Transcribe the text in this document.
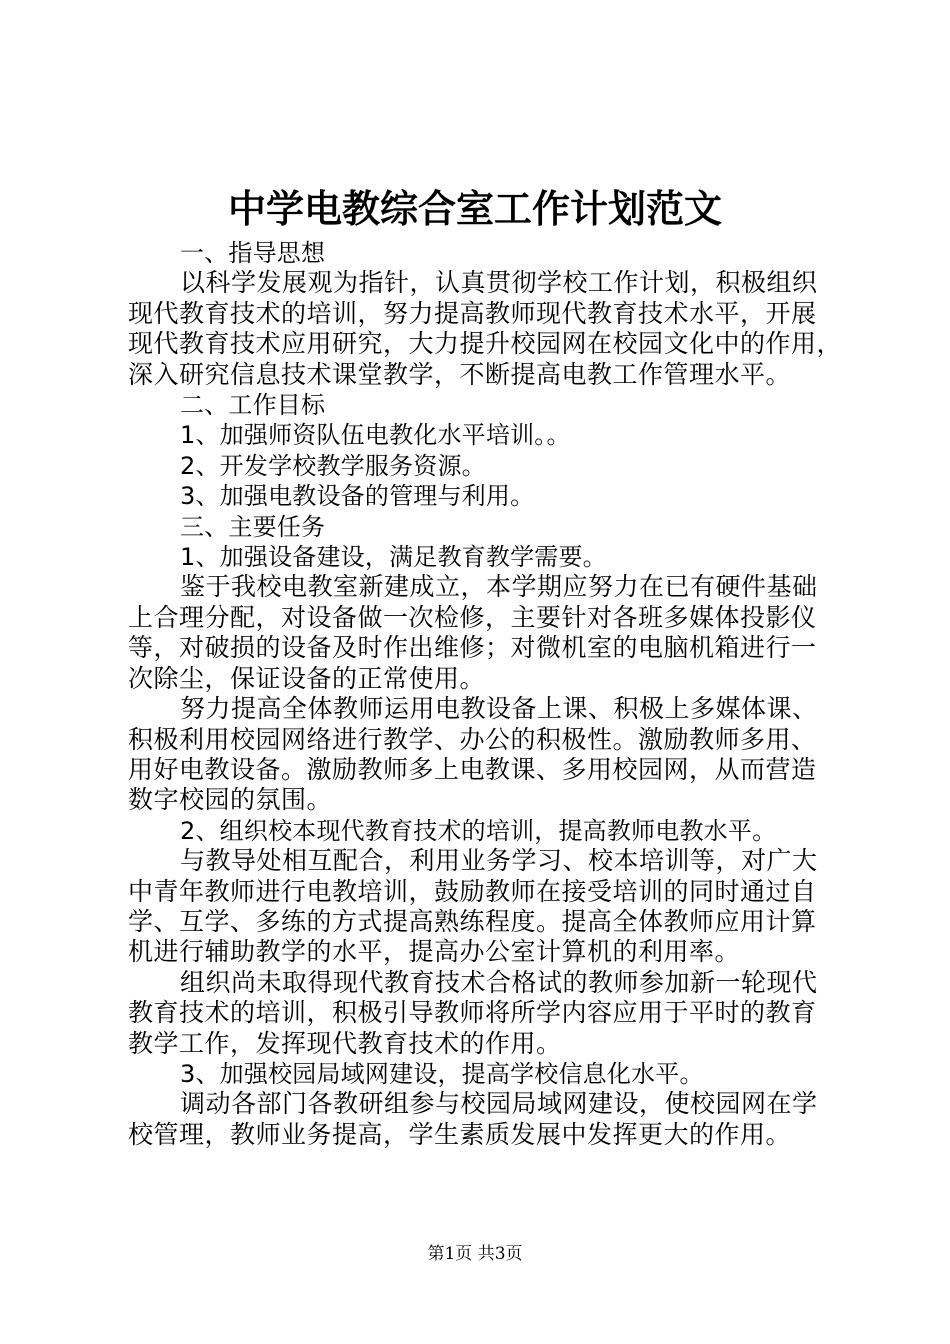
中学电教综合室工作计划范文
一、指导思想
以科学发展观为指针，认真贯彻学校工作计划，积极组织
现代教育技术的培训，努力提高教师现代教育技术水平，开展
现代教育技术应用研究，大力提升校园网在校园文化中的作用，
深入研究信息技术课堂教学，不断提高电教工作管理水平。
二、工作目标
1、加强师资队伍电教化水平培训。。
2、开发学校教学服务资源。
3、加强电教设备的管理与利用。
三、主要任务
1、加强设备建设，满足教育教学需要。
鉴于我校电教室新建成立，本学期应努力在已有硬件基础
上合理分配，对设备做一次检修，主要针对各班多媒体投影仪
等，对破损的设备及时作出维修；对微机室的电脑机箱进行一
次除尘，保证设备的正常使用。
努力提高全体教师运用电教设备上课、积极上多媒体课、
积极利用校园网络进行教学、办公的积极性。激励教师多用、
用好电教设备。激励教师多上电教课、多用校园网，从而营造
数字校园的氛围。
2、组织校本现代教育技术的培训，提高教师电教水平。
与教导处相互配合，利用业务学习、校本培训等，对广大
中青年教师进行电教培训，鼓励教师在接受培训的同时通过自
学、互学、多练的方式提高熟练程度。提高全体教师应用计算
机进行辅助教学的水平，提高办公室计算机的利用率。
组织尚未取得现代教育技术合格试的教师参加新一轮现代
教育技术的培训，积极引导教师将所学内容应用于平时的教育
教学工作，发挥现代教育技术的作用。
3、加强校园局域网建设，提高学校信息化水平。
调动各部门各教研组参与校园局域网建设，使校园网在学
校管理，教师业务提高，学生素质发展中发挥更大的作用。
第1页 共3页
